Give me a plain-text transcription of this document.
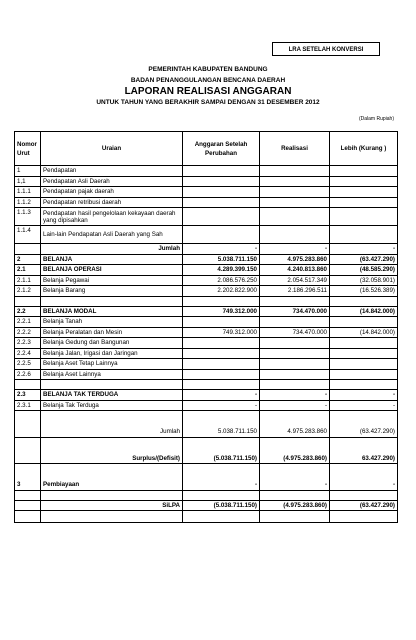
LRA SETELAH KONVERSI
PEMERINTAH KABUPATEN BANDUNG
BADAN PENANGGULANGAN BENCANA DAERAH
LAPORAN REALISASI ANGGARAN
UNTUK TAHUN YANG BERAKHIR SAMPAI DENGAN 31 DESEMBER 2012
(Dalam Rupiah)
Nomor Urut	Uraian	Anggaran Setelah Perubahan	Realisasi	Lebih (Kurang )
1	Pendapatan			
1,1	Pendapatan Asli Daerah			
1.1.1	Pendapatan pajak daerah			
1.1.2	Pendapatan retribusi daerah			
1.1.3	Pendapatan hasil pengelolaan kekayaan daerah yang dipisahkan			
1.1.4	Lain-lain Pendapatan Asli Daerah yang Sah			
	Jumlah	-	-	-
2	BELANJA	5.038.711.150	4.975.283.860	(63.427.290)
2.1	BELANJA OPERASI	4.289.399.150	4.240.813.860	(48.585.290)
2.1.1	Belanja Pegawai	2.086.576.250	2.054.517.349	(32.058.901)
2.1.2	Belanja Barang	2.202.822.900	2.186.296.511	(16.526.389)

2.2	BELANJA MODAL	749.312.000	734.470.000	(14.842.000)
2.2.1	Belanja Tanah			
2.2.2	Belanja Peralatan dan Mesin	749.312.000	734.470.000	(14.842.000)
2.2.3	Belanja Gedung dan Bangunan			
2.2.4	Belanja Jalan, Irigasi dan Jaringan			
2.2.5	Belanja Aset Tetap Lainnya			
2.2.6	Belanja Aset Lainnya			

2.3	BELANJA TAK TERDUGA	-	-	-
2.3.1	Belanja Tak Terduga	-	-	-

	Jumlah	5.038.711.150	4.975.283.860	(63.427.290)

	Surplus/(Defisit)	(5.038.711.150)	(4.975.283.860)	63.427.290)

3	Pembiayaan	-	-	-

	SiLPA	(5.038.711.150)	(4.975.283.860)	(63.427.290)
